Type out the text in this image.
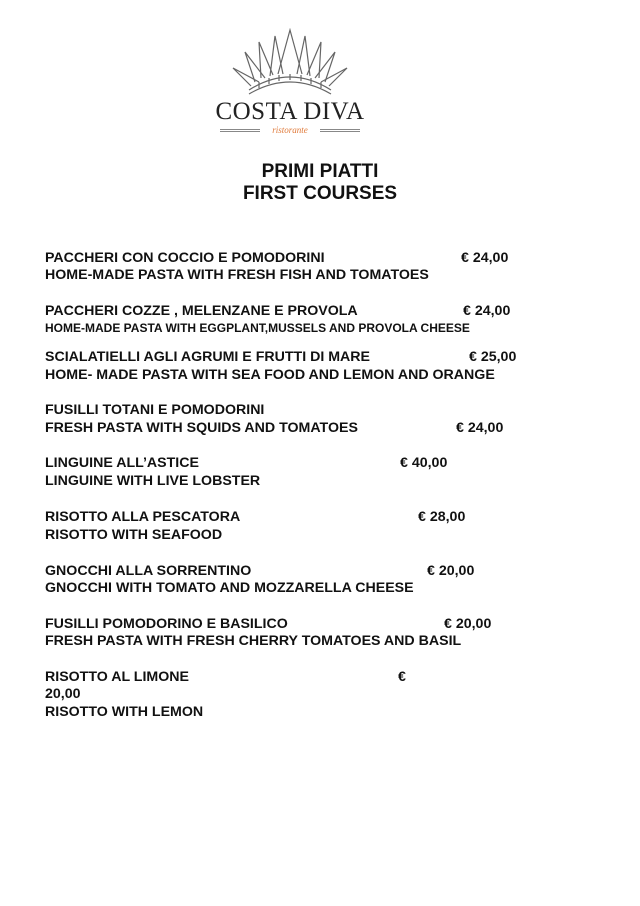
COSTA DIVA
ristorante
PRIMI PIATTI
FIRST COURSES
PACCHERI CON COCCIO E POMODORINI	€ 24,00
HOME-MADE PASTA WITH FRESH FISH AND TOMATOES
PACCHERI COZZE , MELENZANE E PROVOLA	€ 24,00
HOME-MADE PASTA WITH EGGPLANT,MUSSELS AND PROVOLA CHEESE
SCIALATIELLI AGLI AGRUMI E FRUTTI DI MARE	€ 25,00
HOME- MADE PASTA WITH SEA FOOD AND LEMON AND ORANGE
FUSILLI TOTANI E POMODORINI
FRESH PASTA WITH SQUIDS AND TOMATOES	€ 24,00
LINGUINE ALL’ASTICE	€ 40,00
LINGUINE WITH LIVE LOBSTER
RISOTTO ALLA PESCATORA	€ 28,00
RISOTTO WITH SEAFOOD
GNOCCHI ALLA SORRENTINO	€ 20,00
GNOCCHI WITH TOMATO AND MOZZARELLA CHEESE
FUSILLI POMODORINO E BASILICO	€ 20,00
FRESH PASTA WITH FRESH CHERRY TOMATOES AND BASIL
RISOTTO AL LIMONE	€
20,00
RISOTTO WITH LEMON
